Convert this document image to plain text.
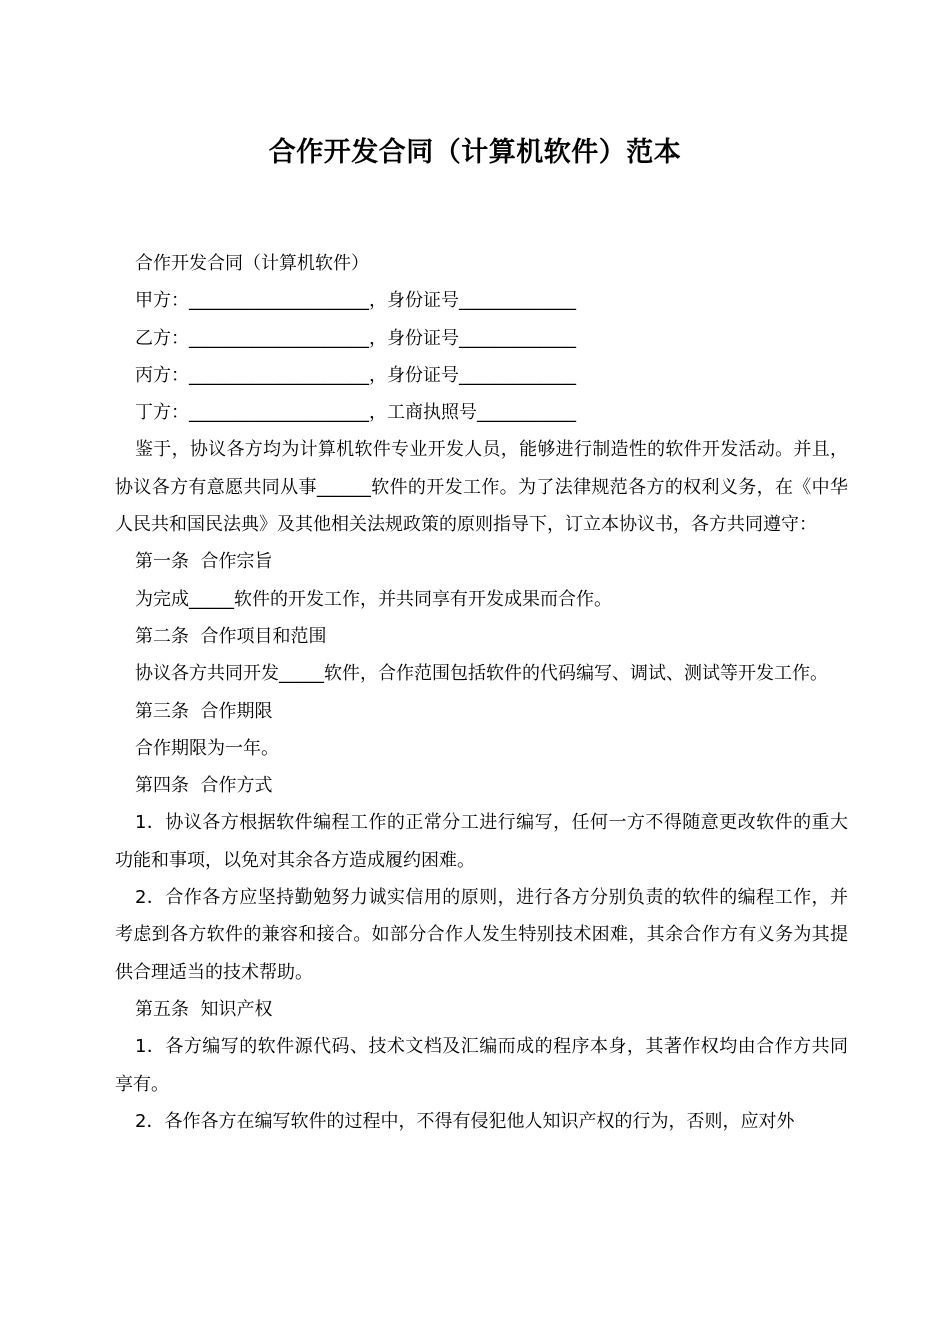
合作开发合同（计算机软件）范本

合作开发合同（计算机软件）

甲方：____________________，身份证号_____________

乙方：____________________，身份证号_____________

丙方：____________________，身份证号_____________

丁方：____________________，工商执照号___________

鉴于，协议各方均为计算机软件专业开发人员，能够进行制造性的软件开发活动。并且，协议各方有意愿共同从事______软件的开发工作。为了法律规范各方的权利义务，在《中华人民共和国民法典》及其他相关法规政策的原则指导下，订立本协议书，各方共同遵守：

第一条  合作宗旨

为完成_____软件的开发工作，并共同享有开发成果而合作。

第二条  合作项目和范围

协议各方共同开发_____软件，合作范围包括软件的代码编写、调试、测试等开发工作。

第三条  合作期限

合作期限为一年。

第四条  合作方式

1．协议各方根据软件编程工作的正常分工进行编写，任何一方不得随意更改软件的重大功能和事项，以免对其余各方造成履约困难。

2．合作各方应坚持勤勉努力诚实信用的原则，进行各方分别负责的软件的编程工作，并考虑到各方软件的兼容和接合。如部分合作人发生特别技术困难，其余合作方有义务为其提供合理适当的技术帮助。

第五条  知识产权

1．各方编写的软件源代码、技术文档及汇编而成的程序本身，其著作权均由合作方共同享有。

2．各作各方在编写软件的过程中，不得有侵犯他人知识产权的行为，否则，应对外
